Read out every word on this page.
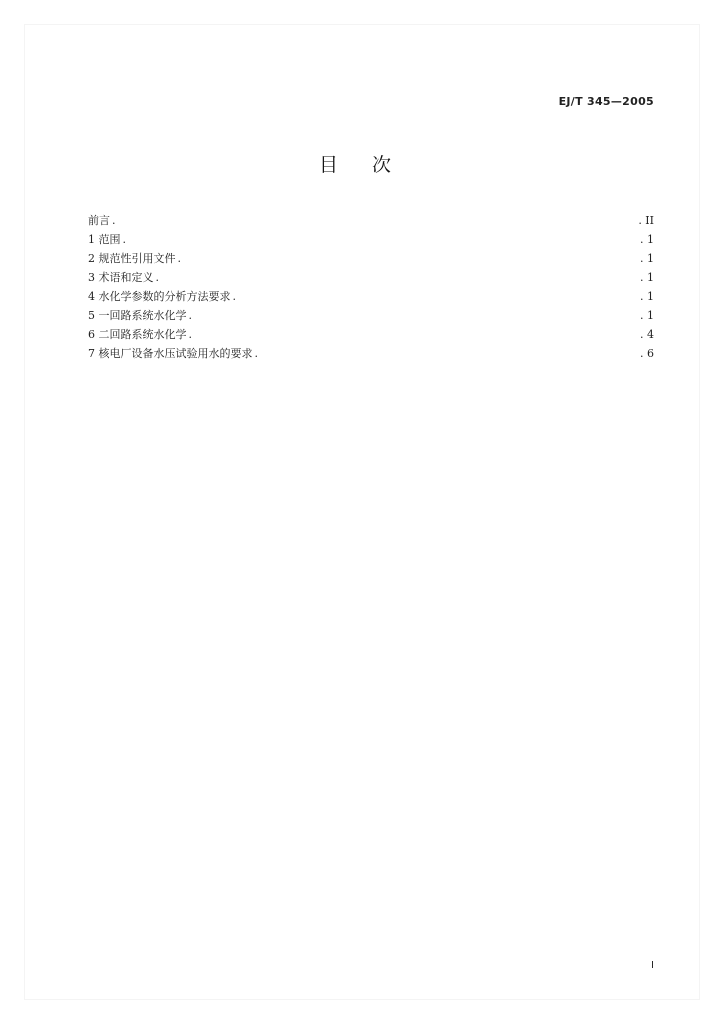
EJ/T 345—2005
目 次
前言 .	. II
1 范围 .	. 1
2 规范性引用文件 .	. 1
3 术语和定义 .	. 1
4 水化学参数的分析方法要求 .	. 1
5 一回路系统水化学 .	. 1
6 二回路系统水化学 .	. 4
7 核电厂设备水压试验用水的要求 .	. 6
I
